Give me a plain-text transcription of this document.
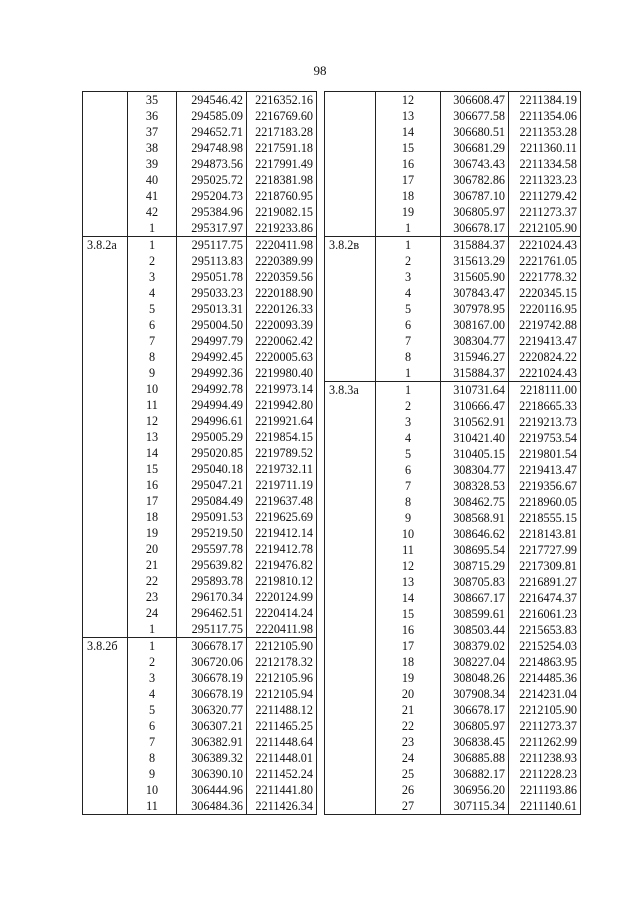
98
	35	294546.42	2216352.16
	36	294585.09	2216769.60
	37	294652.71	2217183.28
	38	294748.98	2217591.18
	39	294873.56	2217991.49
	40	295025.72	2218381.98
	41	295204.73	2218760.95
	42	295384.96	2219082.15
	1	295317.97	2219233.86
3.8.2а	1	295117.75	2220411.98
	2	295113.83	2220389.99
	3	295051.78	2220359.56
	4	295033.23	2220188.90
	5	295013.31	2220126.33
	6	295004.50	2220093.39
	7	294997.79	2220062.42
	8	294992.45	2220005.63
	9	294992.36	2219980.40
	10	294992.78	2219973.14
	11	294994.49	2219942.80
	12	294996.61	2219921.64
	13	295005.29	2219854.15
	14	295020.85	2219789.52
	15	295040.18	2219732.11
	16	295047.21	2219711.19
	17	295084.49	2219637.48
	18	295091.53	2219625.69
	19	295219.50	2219412.14
	20	295597.78	2219412.78
	21	295639.82	2219476.82
	22	295893.78	2219810.12
	23	296170.34	2220124.99
	24	296462.51	2220414.24
	1	295117.75	2220411.98
3.8.2б	1	306678.17	2212105.90
	2	306720.06	2212178.32
	3	306678.19	2212105.96
	4	306678.19	2212105.94
	5	306320.77	2211488.12
	6	306307.21	2211465.25
	7	306382.91	2211448.64
	8	306389.32	2211448.01
	9	306390.10	2211452.24
	10	306444.96	2211441.80
	11	306484.36	2211426.34
	12	306608.47	2211384.19
	13	306677.58	2211354.06
	14	306680.51	2211353.28
	15	306681.29	2211360.11
	16	306743.43	2211334.58
	17	306782.86	2211323.23
	18	306787.10	2211279.42
	19	306805.97	2211273.37
	1	306678.17	2212105.90
3.8.2в	1	315884.37	2221024.43
	2	315613.29	2221761.05
	3	315605.90	2221778.32
	4	307843.47	2220345.15
	5	307978.95	2220116.95
	6	308167.00	2219742.88
	7	308304.77	2219413.47
	8	315946.27	2220824.22
	1	315884.37	2221024.43
3.8.3а	1	310731.64	2218111.00
	2	310666.47	2218665.33
	3	310562.91	2219213.73
	4	310421.40	2219753.54
	5	310405.15	2219801.54
	6	308304.77	2219413.47
	7	308328.53	2219356.67
	8	308462.75	2218960.05
	9	308568.91	2218555.15
	10	308646.62	2218143.81
	11	308695.54	2217727.99
	12	308715.29	2217309.81
	13	308705.83	2216891.27
	14	308667.17	2216474.37
	15	308599.61	2216061.23
	16	308503.44	2215653.83
	17	308379.02	2215254.03
	18	308227.04	2214863.95
	19	308048.26	2214485.36
	20	307908.34	2214231.04
	21	306678.17	2212105.90
	22	306805.97	2211273.37
	23	306838.45	2211262.99
	24	306885.88	2211238.93
	25	306882.17	2211228.23
	26	306956.20	2211193.86
	27	307115.34	2211140.61
